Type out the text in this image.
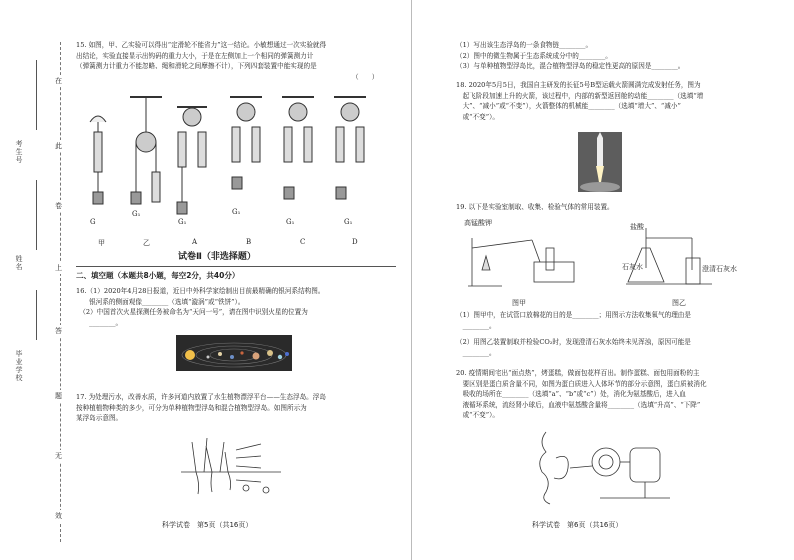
考生号
姓名
毕业学校
在
此
卷
上
答
题
无
效
15. 如图，甲、乙实验可以得出“定滑轮不能省力”这一结论。小敏想通过一次实验就得
出结论，实验直接显示出钩码的重力大小，于是在左侧加上一个相同的弹簧测力计
（弹簧测力计重力不能忽略、绳和滑轮之间摩擦不计），下列四套装置中能实现的是
（　　）
G
G₁
G₁
G₁
G₁	G₁
甲	乙	A	B	C	D
试卷Ⅱ（非选择题）
二、填空题（本题共8小题，每空2分，共40分）
16.（1）2020年4月28日报道，近日中外科学家绘制出目前最精确的银河系结构图。
　　银河系的侧面观像________（选填“漩涡”或“铁饼”）。
　（2）中国首次火星探测任务被命名为“天问一号”，请在图中识别火星的位置为
　　________。
17. 为处理污水，改善水质，许多河道内放置了水生植物漂浮平台——生态浮岛。浮岛
按种植植物种类的多少，可分为单种植物型浮岛和混合植物型浮岛。如图所示为
某浮岛示意图。
科学试卷　第5页（共16页）
（1）写出该生态浮岛的一条食物链________。
（2）图中的微生物属于生态系统成分中的________。
（3）与单种植物型浮岛比，混合植物型浮岛的稳定性更高的原因是________。
18. 2020年5月5日，我国自主研发的长征5号B型运载火箭圆满完成发射任务，图为
　起飞阶段加速上升的火箭，该过程中，内部的新型返回舱的动能________（选填“增
　大”、“减小”或“不变”），火箭整体的机械能________（选填“增大”、“减小”
　或“不变”）。
19. 以下是实验室制取、收集、检验气体的常用装置。
高锰酸钾	盐酸
石灰水	澄清石灰水
图甲	图乙
（1）图甲中，在试管口放棉花的目的是________；用图示方法收集氧气的理由是
　________。
（2）用图乙装置制取并检验CO₂时，发现澄清石灰水始终未见浑浊，原因可能是
　________。
20. 疫情期间宅出“面点热”，烤蛋糕，做面包花样百出。制作蛋糕、面包用面粉的主
　要区别是蛋白质含量不同，如图为蛋白质进入人体环节的部分示意图，蛋白质被消化
　吸收的场所在________（选填“a”、“b”或“c”）处，消化为氨基酸后，进入血
　液循环系统，流经肾小球后，血液中氨基酸含量将________（选填“升高”、“下降”
　或“不变”）。
科学试卷　第6页（共16页）
